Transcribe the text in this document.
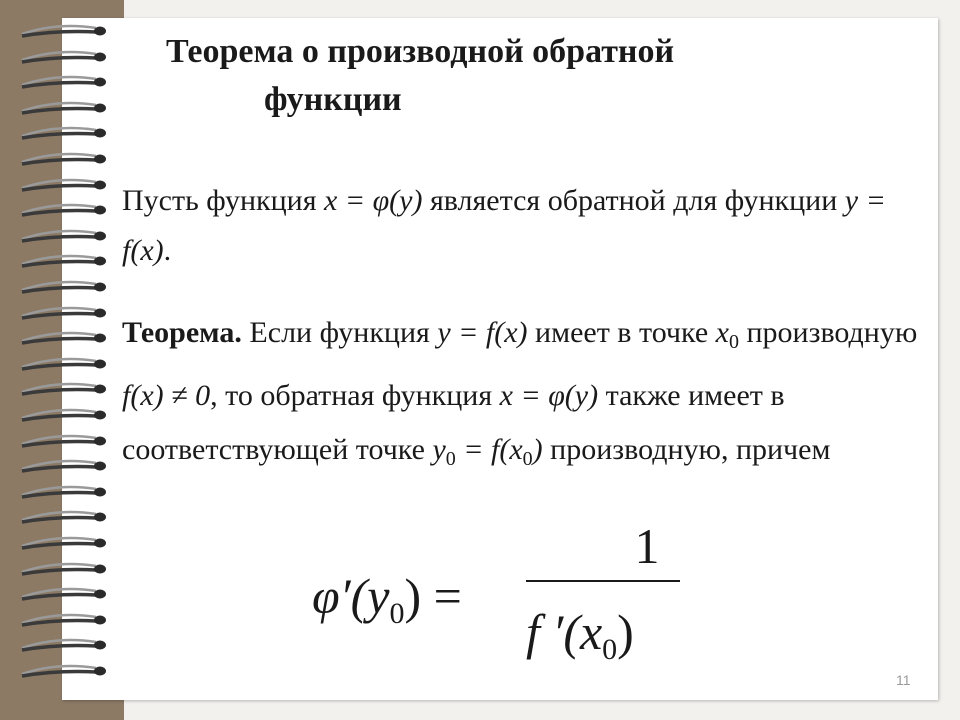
Теорема о производной обратной
функции
Пусть функция x = φ(y) является обратной для функции y = f(x).
Теорема. Если функция y = f(x) имеет в точке $x_0$ производную f(x) ≠ 0, то обратная функция x = φ(y) также имеет в соответствующей точке $y_0 = f(x_0)$ производную, причем
$\varphi'(y_0)$ =
1
f $'(x_0)$
11
